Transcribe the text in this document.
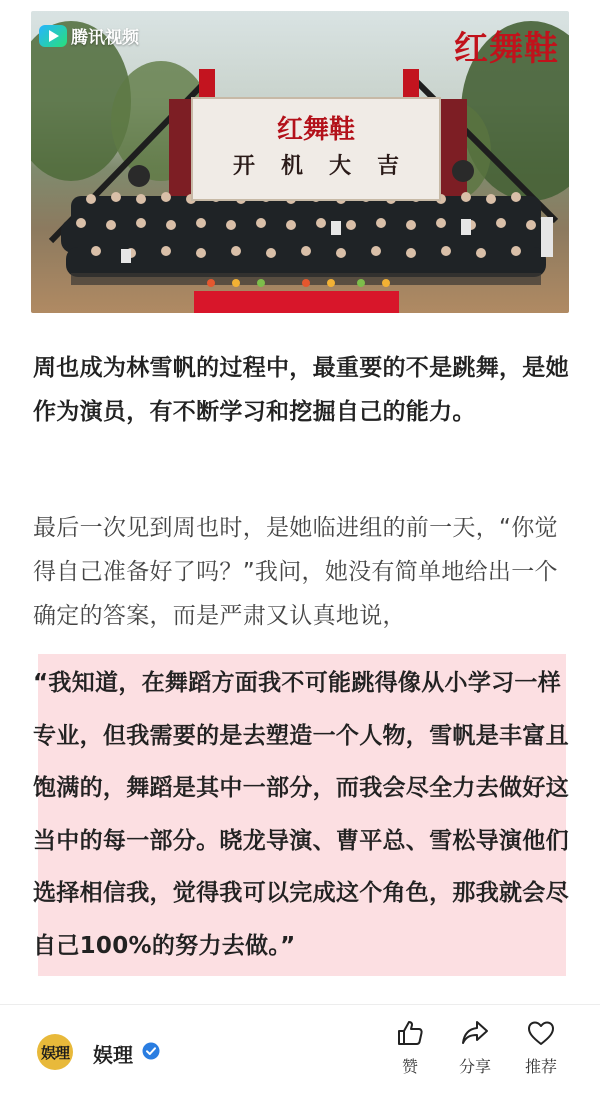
红舞鞋
开机大吉
腾讯视频	红舞鞋

周也成为林雪帆的过程中，最重要的不是跳舞，是她作为演员，有不断学习和挖掘自己的能力。

最后一次见到周也时，是她临进组的前一天，“你觉得自己准备好了吗？”我问，她没有简单地给出一个确定的答案，而是严肃又认真地说，

“我知道，在舞蹈方面我不可能跳得像从小学习一样专业，但我需要的是去塑造一个人物，雪帆是丰富且饱满的，舞蹈是其中一部分，而我会尽全力去做好这当中的每一部分。晓龙导演、曹平总、雪松导演他们选择相信我，觉得我可以完成这个角色，那我就会尽自己100%的努力去做。”

娱理 娱理	赞	分享	推荐
